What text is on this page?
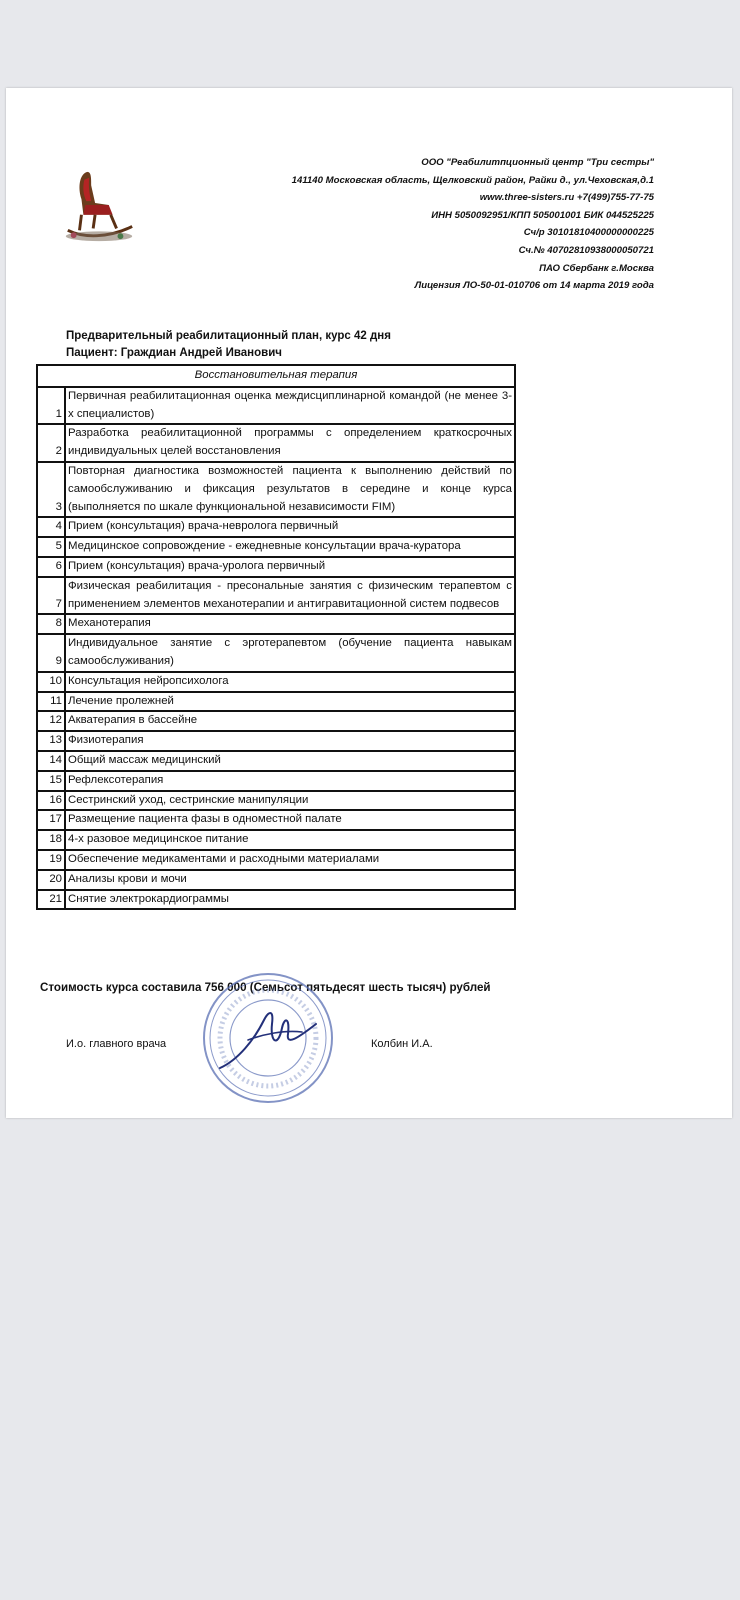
ООО "Реабилитпционный центр "Три сестры"
141140 Московская область, Щелковский район, Райки д., ул.Чеховская,д.1
www.three-sisters.ru +7(499)755-77-75
ИНН 5050092951/КПП 505001001 БИК 044525225
Сч/р 30101810400000000225
Сч.№ 40702810938000050721
ПАО Сбербанк г.Москва
Лицензия ЛО-50-01-010706 от 14 марта 2019 года
Предварительный реабилитационный план, курс 42 дня
Пациент: Граждиан Андрей Иванович
Восстановительная терапия	
1	Первичная реабилитационная оценка междисциплинарной командой (не менее 3-х специалистов)
2	Разработка реабилитационной программы с определением краткосрочных индивидуальных целей восстановления
3	Повторная диагностика возможностей пациента к выполнению действий по самообслуживанию и фиксация результатов в середине и конце курса (выполняется по шкале функциональной независимости FIM)
4	Прием (консультация) врача-невролога первичный
5	Медицинское сопровождение - ежедневные консультации врача-куратора
6	Прием (консультация) врача-уролога первичный
7	Физическая реабилитация - пресональные занятия с физическим терапевтом с применением элементов механотерапии и антигравитационной систем подвесов
8	Механотерапия
9	Индивидуальное занятие с эрготерапевтом (обучение пациента навыкам самообслуживания)
10	Консультация нейропсихолога
11	Лечение пролежней
12	Акватерапия в бассейне
13	Физиотерапия
14	Общий массаж медицинский
15	Рефлексотерапия
16	Сестринский уход, сестринские манипуляции
17	Размещение пациента фазы в одноместной палате
18	4-х разовое медицинское питание
19	Обеспечение медикаментами и расходными материалами
20	Анализы крови и мочи
21	Снятие электрокардиограммы
Стоимость курса составила 756 000 (Семьсот пятьдесят шесть тысяч) рублей
И.о. главного врача	Колбин И.А.
